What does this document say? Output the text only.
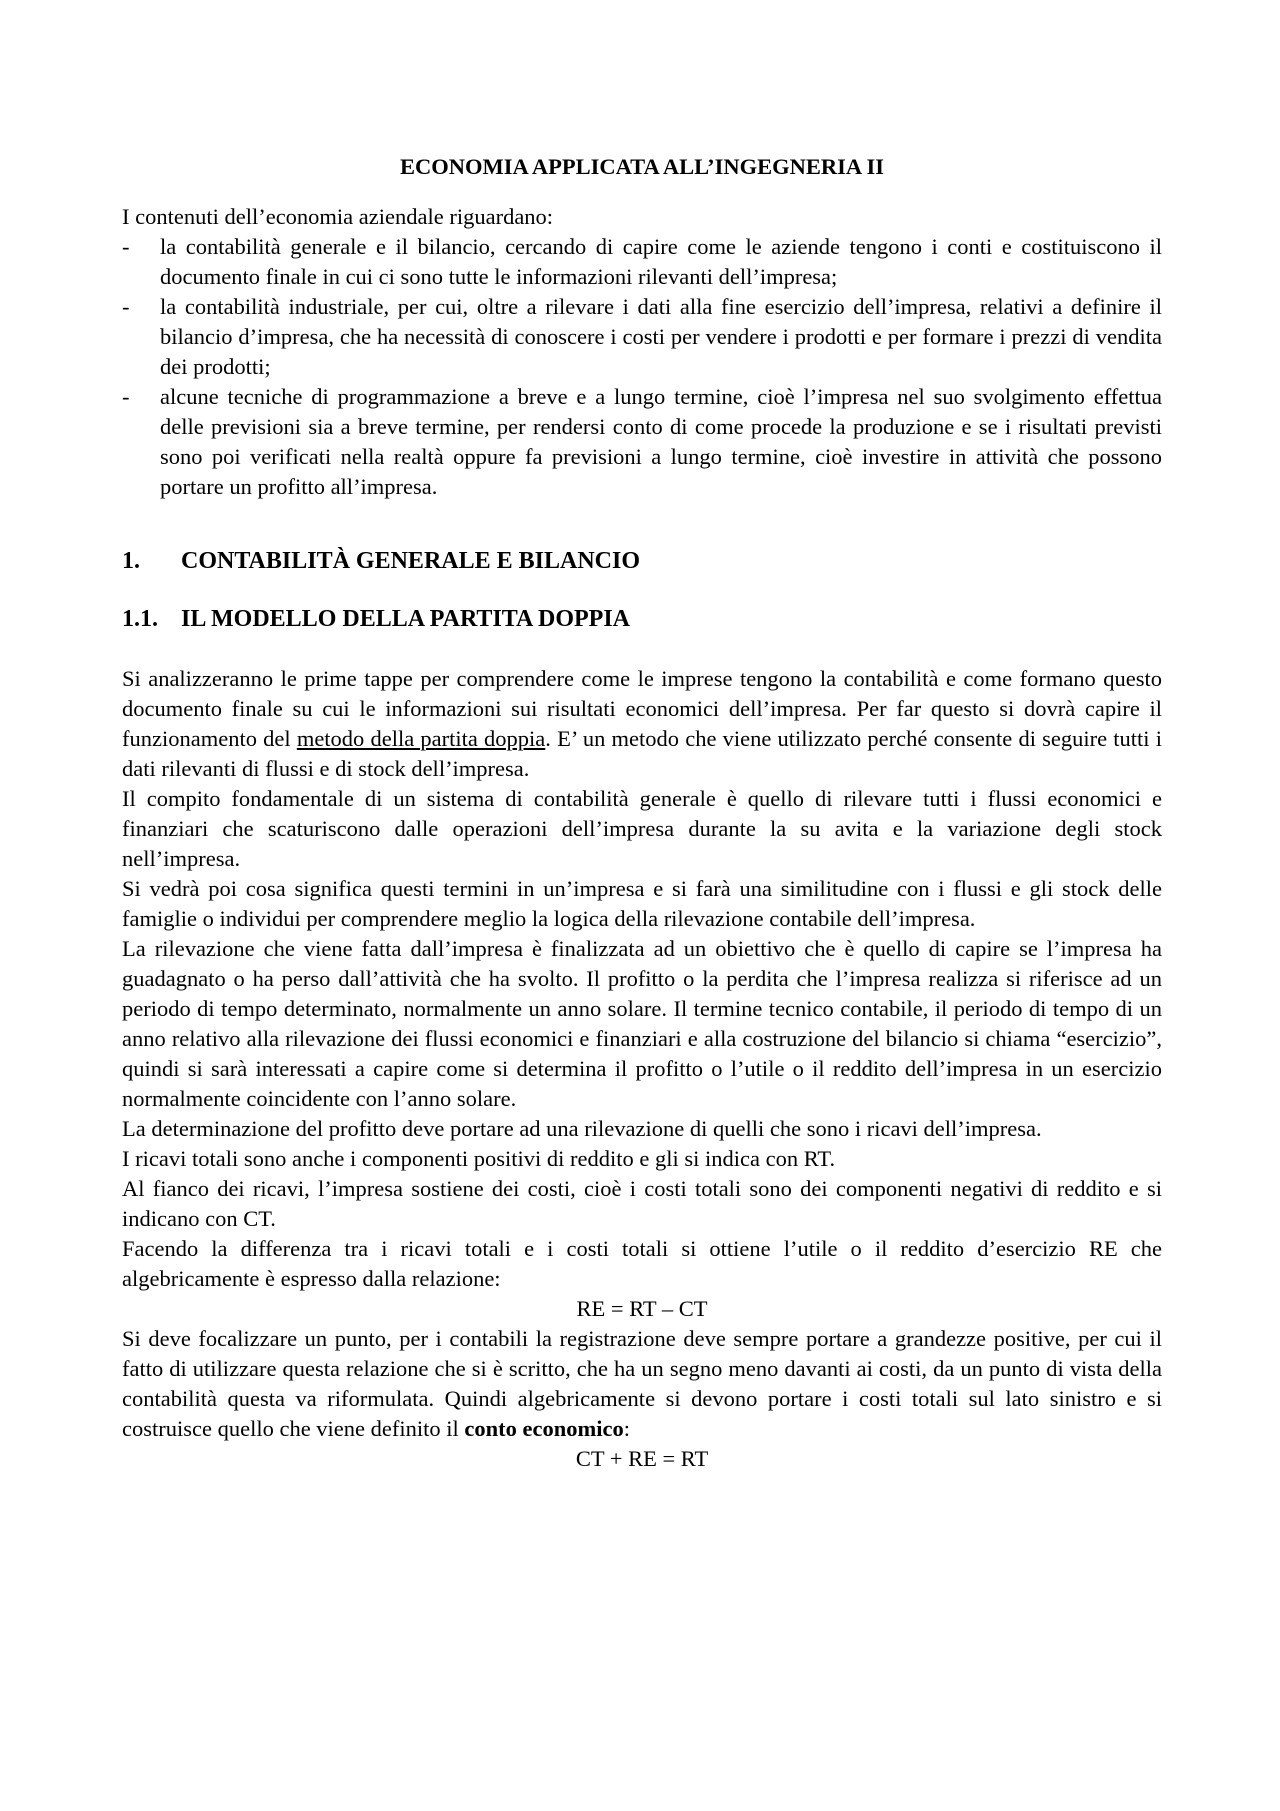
ECONOMIA APPLICATA ALL’INGEGNERIA II

I contenuti dell’economia aziendale riguardano:

- la contabilità generale e il bilancio, cercando di capire come le aziende tengono i conti e costituiscono il documento finale in cui ci sono tutte le informazioni rilevanti dell’impresa;
- la contabilità industriale, per cui, oltre a rilevare i dati alla fine esercizio dell’impresa, relativi a definire il bilancio d’impresa, che ha necessità di conoscere i costi per vendere i prodotti e per formare i prezzi di vendita dei prodotti;
- alcune tecniche di programmazione a breve e a lungo termine, cioè l’impresa nel suo svolgimento effettua delle previsioni sia a breve termine, per rendersi conto di come procede la produzione e se i risultati previsti sono poi verificati nella realtà oppure fa previsioni a lungo termine, cioè investire in attività che possono portare un profitto all’impresa.
1.	CONTABILITÀ GENERALE E BILANCIO
1.1. IL MODELLO DELLA PARTITA DOPPIA

Si analizzeranno le prime tappe per comprendere come le imprese tengono la contabilità e come formano questo documento finale su cui le informazioni sui risultati economici dell’impresa. Per far questo si dovrà capire il funzionamento del metodo della partita doppia. E’ un metodo che viene utilizzato perché consente di seguire tutti i dati rilevanti di flussi e di stock dell’impresa.

Il compito fondamentale di un sistema di contabilità generale è quello di rilevare tutti i flussi economici e finanziari che scaturiscono dalle operazioni dell’impresa durante la su avita e la variazione degli stock nell’impresa.

Si vedrà poi cosa significa questi termini in un’impresa e si farà una similitudine con i flussi e gli stock delle famiglie o individui per comprendere meglio la logica della rilevazione contabile dell’impresa.

La rilevazione che viene fatta dall’impresa è finalizzata ad un obiettivo che è quello di capire se l’impresa ha guadagnato o ha perso dall’attività che ha svolto. Il profitto o la perdita che l’impresa realizza si riferisce ad un periodo di tempo determinato, normalmente un anno solare. Il termine tecnico contabile, il periodo di tempo di un anno relativo alla rilevazione dei flussi economici e finanziari e alla costruzione del bilancio si chiama “esercizio”, quindi si sarà interessati a capire come si determina il profitto o l’utile o il reddito dell’impresa in un esercizio normalmente coincidente con l’anno solare.

La determinazione del profitto deve portare ad una rilevazione di quelli che sono i ricavi dell’impresa.

I ricavi totali sono anche i componenti positivi di reddito e gli si indica con RT.

Al fianco dei ricavi, l’impresa sostiene dei costi, cioè i costi totali sono dei componenti negativi di reddito e si indicano con CT.

Facendo la differenza tra i ricavi totali e i costi totali si ottiene l’utile o il reddito d’esercizio RE che algebricamente è espresso dalla relazione:

RE = RT – CT

Si deve focalizzare un punto, per i contabili la registrazione deve sempre portare a grandezze positive, per cui il fatto di utilizzare questa relazione che si è scritto, che ha un segno meno davanti ai costi, da un punto di vista della contabilità questa va riformulata. Quindi algebricamente si devono portare i costi totali sul lato sinistro e si costruisce quello che viene definito il conto economico:

CT + RE = RT
